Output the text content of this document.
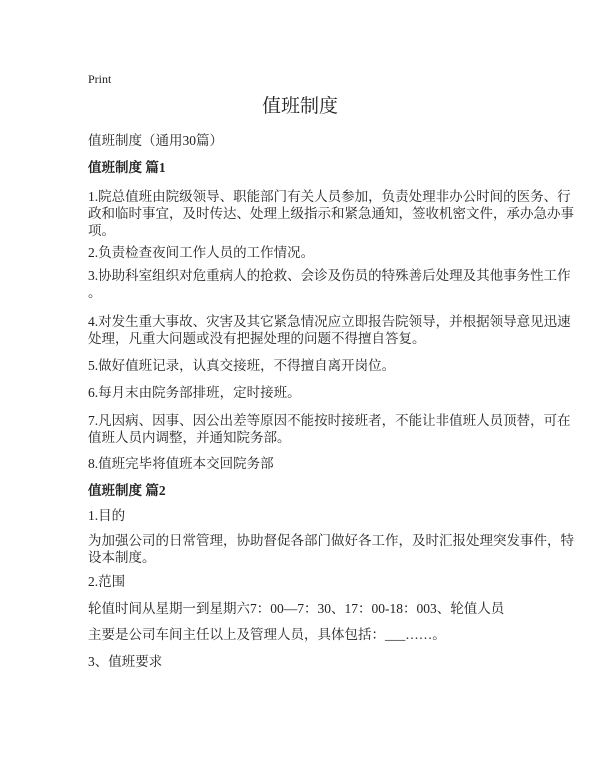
Print
值班制度
值班制度（通用30篇）
值班制度 篇1
1.院总值班由院级领导、职能部门有关人员参加，负责处理非办公时间的医务、行
政和临时事宜，及时传达、处理上级指示和紧急通知，签收机密文件，承办急办事
项。
2.负责检查夜间工作人员的工作情况。
3.协助科室组织对危重病人的抢救、会诊及伤员的特殊善后处理及其他事务性工作
。
4.对发生重大事故、灾害及其它紧急情况应立即报告院领导，并根据领导意见迅速
处理，凡重大问题或没有把握处理的问题不得擅自答复。
5.做好值班记录，认真交接班，不得擅自离开岗位。
6.每月末由院务部排班，定时接班。
7.凡因病、因事、因公出差等原因不能按时接班者，不能让非值班人员顶替，可在
值班人员内调整，并通知院务部。
8.值班完毕将值班本交回院务部
值班制度 篇2
1.目的
为加强公司的日常管理，协助督促各部门做好各工作，及时汇报处理突发事件，特
设本制度。
2.范围
轮值时间从星期一到星期六7：00—7：30、17：00-18：003、轮值人员
主要是公司车间主任以上及管理人员，具体包括：___……。
3、值班要求
